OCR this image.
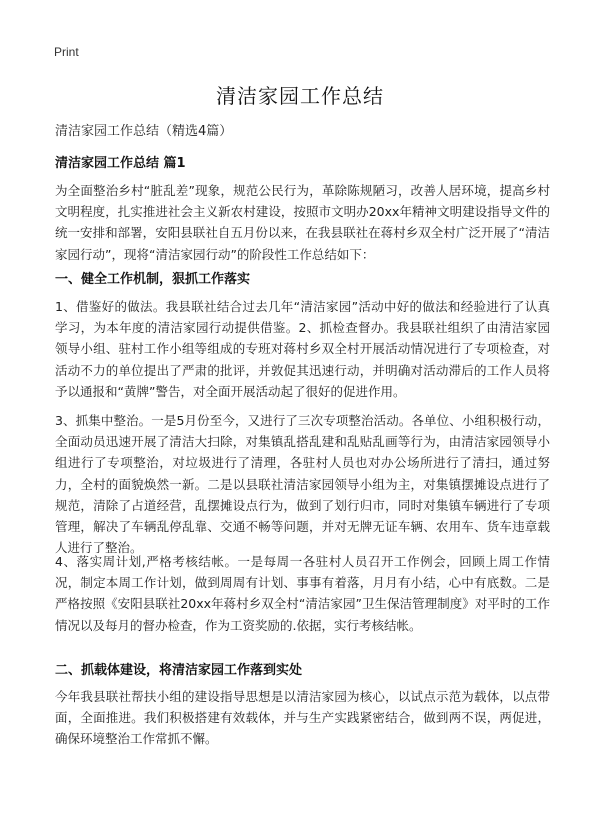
Print
清洁家园工作总结
清洁家园工作总结（精选4篇）
清洁家园工作总结 篇1
为全面整治乡村“脏乱差”现象，规范公民行为，革除陈规陋习，改善人居环境，提高乡村文明程度，扎实推进社会主义新农村建设，按照市文明办20xx年精神文明建设指导文件的统一安排和部署，安阳县联社自五月份以来，在我县联社在蒋村乡双全村广泛开展了“清洁家园行动”，现将“清洁家园行动”的阶段性工作总结如下：
一、健全工作机制，狠抓工作落实
1、借鉴好的做法。我县联社结合过去几年“清洁家园”活动中好的做法和经验进行了认真学习，为本年度的清洁家园行动提供借鉴。2、抓检查督办。我县联社组织了由清洁家园领导小组、驻村工作小组等组成的专班对蒋村乡双全村开展活动情况进行了专项检查，对活动不力的单位提出了严肃的批评，并敦促其迅速行动，并明确对活动滞后的工作人员将予以通报和“黄牌”警告，对全面开展活动起了很好的促进作用。
3、抓集中整治。一是5月份至今，又进行了三次专项整治活动。各单位、小组积极行动，全面动员迅速开展了清洁大扫除，对集镇乱搭乱建和乱贴乱画等行为，由清洁家园领导小组进行了专项整治，对垃圾进行了清理，各驻村人员也对办公场所进行了清扫，通过努力，全村的面貌焕然一新。二是以县联社清洁家园领导小组为主，对集镇摆摊设点进行了规范，清除了占道经营，乱摆摊设点行为，做到了划行归市，同时对集镇车辆进行了专项管理，解决了车辆乱停乱靠、交通不畅等问题，并对无牌无证车辆、农用车、货车违章载人进行了整治。
4、落实周计划,严格考核结帐。一是每周一各驻村人员召开工作例会，回顾上周工作情况，制定本周工作计划，做到周周有计划、事事有着落，月月有小结，心中有底数。二是严格按照《安阳县联社20xx年蒋村乡双全村“清洁家园”卫生保洁管理制度》对平时的工作情况以及每月的督办检查，作为工资奖励的.依据，实行考核结帐。
二、抓载体建设，将清洁家园工作落到实处
今年我县联社帮扶小组的建设指导思想是以清洁家园为核心，以试点示范为载体，以点带面，全面推进。我们积极搭建有效载体，并与生产实践紧密结合，做到两不误，两促进，确保环境整治工作常抓不懈。
